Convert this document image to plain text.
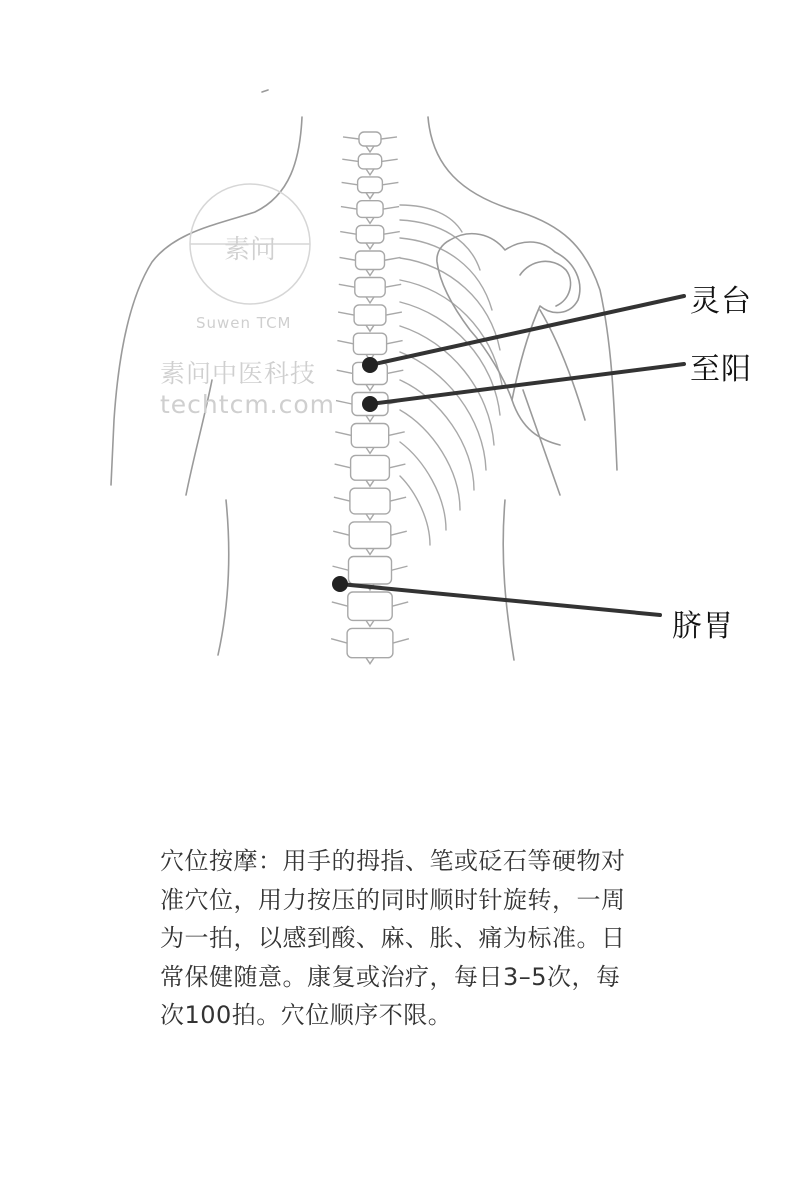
素问
Suwen TCM
素问中医科技
techtcm.com
灵台
至阳
脐胃

穴位按摩：用手的拇指、笔或砭石等硬物对准穴位，用力按压的同时顺时针旋转，一周为一拍，以感到酸、麻、胀、痛为标准。日常保健随意。康复或治疗，每日3–5次，每次100拍。穴位顺序不限。
